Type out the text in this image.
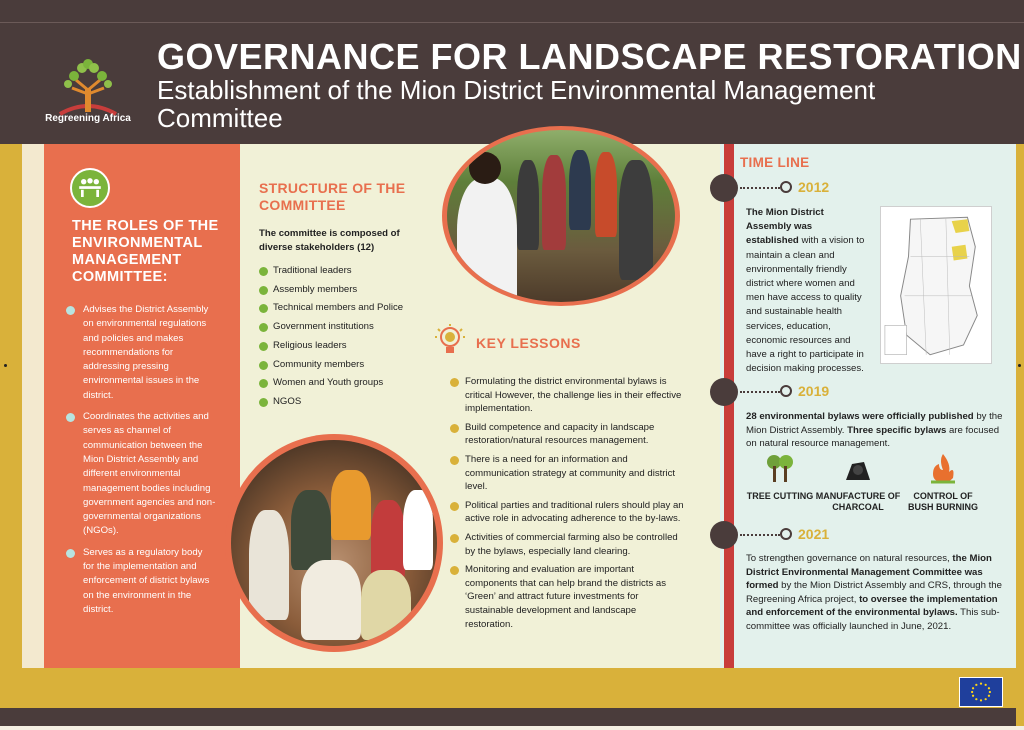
Regreening Africa
GOVERNANCE FOR LANDSCAPE RESTORATION
Establishment of the Mion District Environmental Management Committee
THE ROLES OF THE ENVIRONMENTAL MANAGEMENT COMMITTEE:
Advises the District Assembly on environmental regulations and policies and makes recommendations for addressing pressing environmental issues in the district.
Coordinates the activities and serves as channel of communication between the Mion District Assembly and different environmental management bodies including government agencies and non-governmental organizations (NGOs).
Serves as a regulatory body for the implementation and enforcement of district bylaws on the environment in the district.
STRUCTURE OF THE COMMITTEE
The committee is composed of diverse stakeholders (12)
Traditional leaders
Assembly members
Technical members and Police
Government institutions
Religious leaders
Community members
Women and Youth groups
NGOS
KEY LESSONS
Formulating the district environmental bylaws is critical However, the challenge lies in their effective implementation.
Build competence and capacity in landscape restoration/natural resources management.
There is a need for an information and communication strategy at community and district level.
Political parties and traditional rulers should play an active role in advocating adherence to the by-laws.
Activities of commercial farming also be controlled by the bylaws, especially land clearing.
Monitoring and evaluation are important components that can help brand the districts as ‘Green’ and attract future investments for sustainable development and landscape restoration.
TIME LINE
2012
The Mion District Assembly was established with a vision to maintain a clean and environmentally friendly district where women and men have access to quality and sustainable health services, education, economic resources and have a right to participate in decision making processes.
2019
28 environmental bylaws were officially published by the Mion District Assembly. Three specific bylaws are focused on natural resource management.
TREE CUTTING MANUFACTURE OF CHARCOAL
CONTROL OF BUSH BURNING
2021
To strengthen governance on natural resources, the Mion District Environmental Management Committee was formed by the Mion District Assembly and CRS, through the Regreening Africa project, to oversee the implementation and enforcement of the environmental bylaws. This sub-committee was officially launched in June, 2021.
